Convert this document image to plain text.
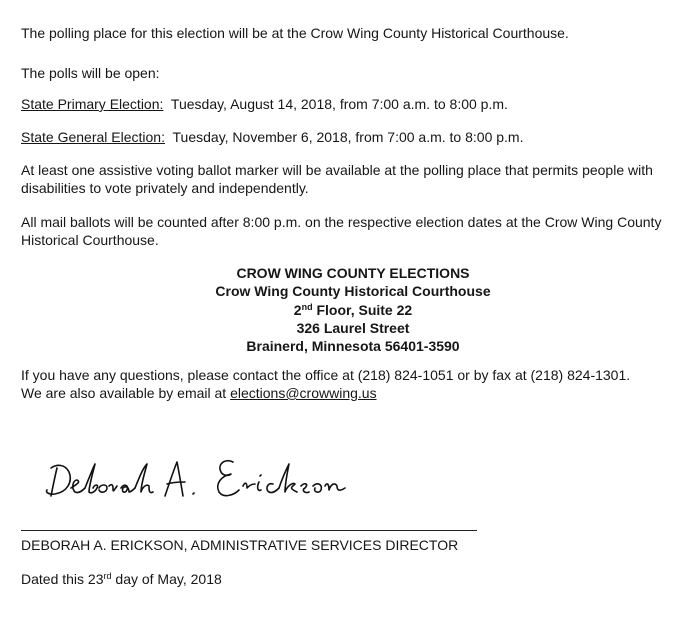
The polling place for this election will be at the Crow Wing County Historical Courthouse.

The polls will be open:

State Primary Election: Tuesday, August 14, 2018, from 7:00 a.m. to 8:00 p.m.

State General Election: Tuesday, November 6, 2018, from 7:00 a.m. to 8:00 p.m.

At least one assistive voting ballot marker will be available at the polling place that permits people with disabilities to vote privately and independently.

All mail ballots will be counted after 8:00 p.m. on the respective election dates at the Crow Wing County Historical Courthouse.

CROW WING COUNTY ELECTIONS
Crow Wing County Historical Courthouse
2nd Floor, Suite 22
326 Laurel Street
Brainerd, Minnesota 56401-3590

If you have any questions, please contact the office at (218) 824-1051 or by fax at (218) 824-1301.

We are also available by email at elections@crowwing.us

DEBORAH A. ERICKSON, ADMINISTRATIVE SERVICES DIRECTOR

Dated this 23rd day of May, 2018
